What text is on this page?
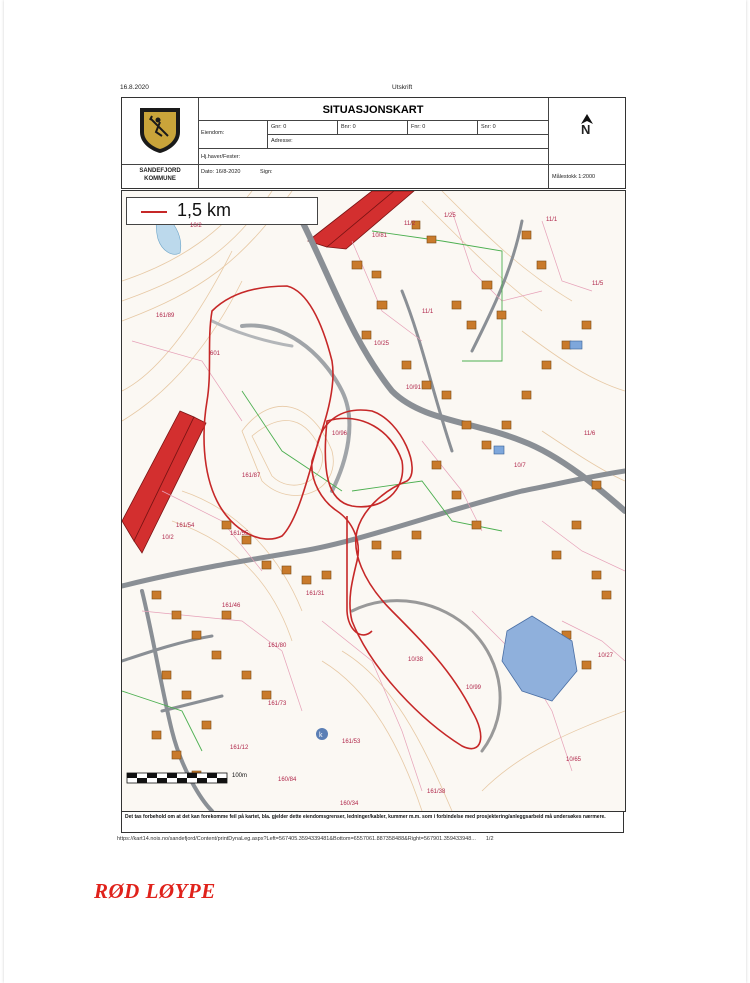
16.8.2020	Utskrift
SANDEFJORD
KOMMUNE
SITUASJONSKART
Eiendom:
Gnr: 0	Bnr: 0	Fnr: 0	Snr: 0
Adresse:
Hj.haver/Fester:
Dato: 16/8-2020	Sign:
Målestokk 1:2000
N
k
1,5 km
100m
10/2
161/89
161/87
161/54
10/2
161/55
161/46
161/80
161/73
161/12
160/84
160/34
161/38
10/96
10/38
10/99
10/65
10/27
10/7
11/5
11/6
11/1
11/1
11/2
10/91
10/25
1/25
10/81
161/31
161/53
601
Det tas forbehold om at det kan forekomme feil på kartet, bla. gjelder dette eiendomsgrenser, ledninger/kabler, kummer m.m. som i forbindelse med prosjektering/anleggsarbeid må undersøkes nærmere.
https://kart14.nois.no/sandefjord/Content/printDynaLeg.aspx?Left=567405.3594339481&Bottom=6557061.887358488&Right=567901.359433948... 1/2
RØD LØYPE
